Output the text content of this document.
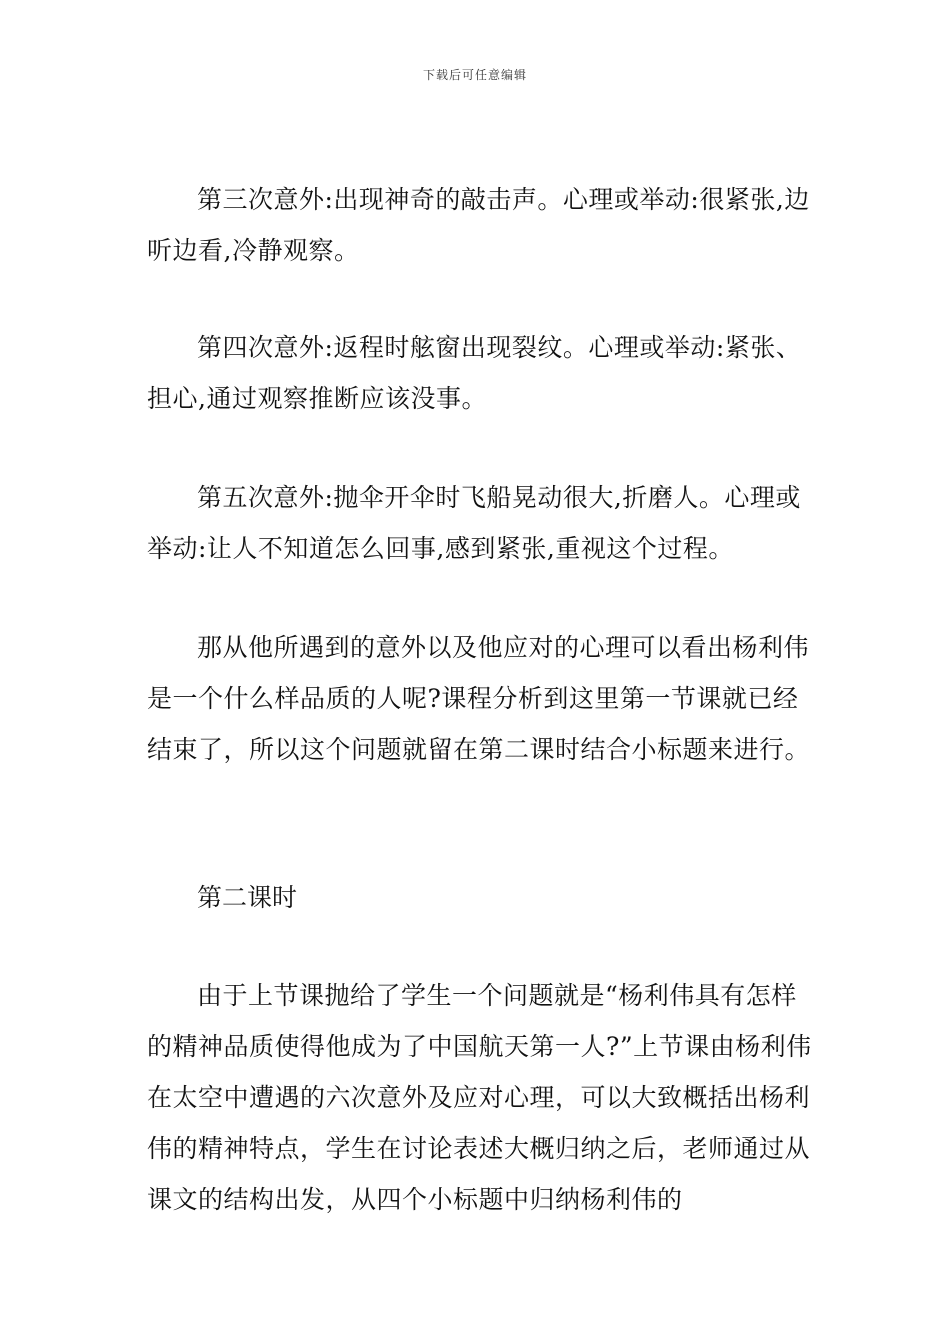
下载后可任意编辑

第三次意外:出现神奇的敲击声。心理或举动:很紧张,边听边看,冷静观察。

第四次意外:返程时舷窗出现裂纹。心理或举动:紧张、担心,通过观察推断应该没事。

第五次意外:抛伞开伞时飞船晃动很大,折磨人。心理或举动:让人不知道怎么回事,感到紧张,重视这个过程。

那从他所遇到的意外以及他应对的心理可以看出杨利伟是一个什么样品质的人呢?课程分析到这里第一节课就已经结束了，所以这个问题就留在第二课时结合小标题来进行。

第二课时

由于上节课抛给了学生一个问题就是“杨利伟具有怎样的精神品质使得他成为了中国航天第一人?”上节课由杨利伟在太空中遭遇的六次意外及应对心理，可以大致概括出杨利伟的精神特点，学生在讨论表述大概归纳之后，老师通过从课文的结构出发，从四个小标题中归纳杨利伟的
